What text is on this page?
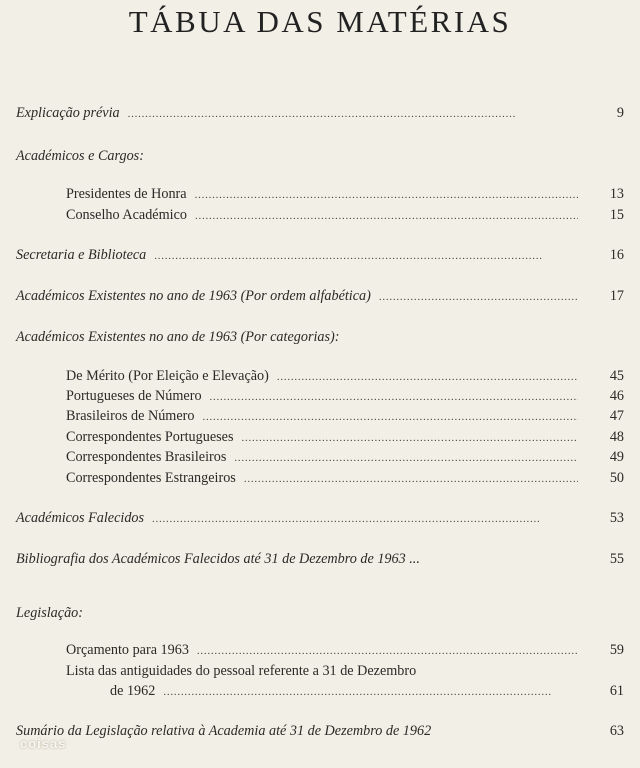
TÁBUA DAS MATÉRIAS
Explicação prévia . . .	9
Académicos e Cargos:
Presidentes de Honra . . .	13
Conselho Académico . . .	15
Secretaria e Biblioteca . . .	16
Académicos Existentes no ano de 1963 (Por ordem alfabética) . . .	17
Académicos Existentes no ano de 1963 (Por categorias):
De Mérito (Por Eleição e Elevação) . . .	45
Portugueses de Número . . .	46
Brasileiros de Número . . .	47
Correspondentes Portugueses . . .	48
Correspondentes Brasileiros . . .	49
Correspondentes Estrangeiros . . .	50
Académicos Falecidos . . .	53
Bibliografia dos Académicos Falecidos até 31 de Dezembro de 1963 ...	55
Legislação:
Orçamento para 1963 . . .	59
Lista das antiguidades do pessoal referente a 31 de Dezembro
de 1962 . . .	61
Sumário da Legislação relativa à Academia até 31 de Dezembro de 1962	63
coisas
